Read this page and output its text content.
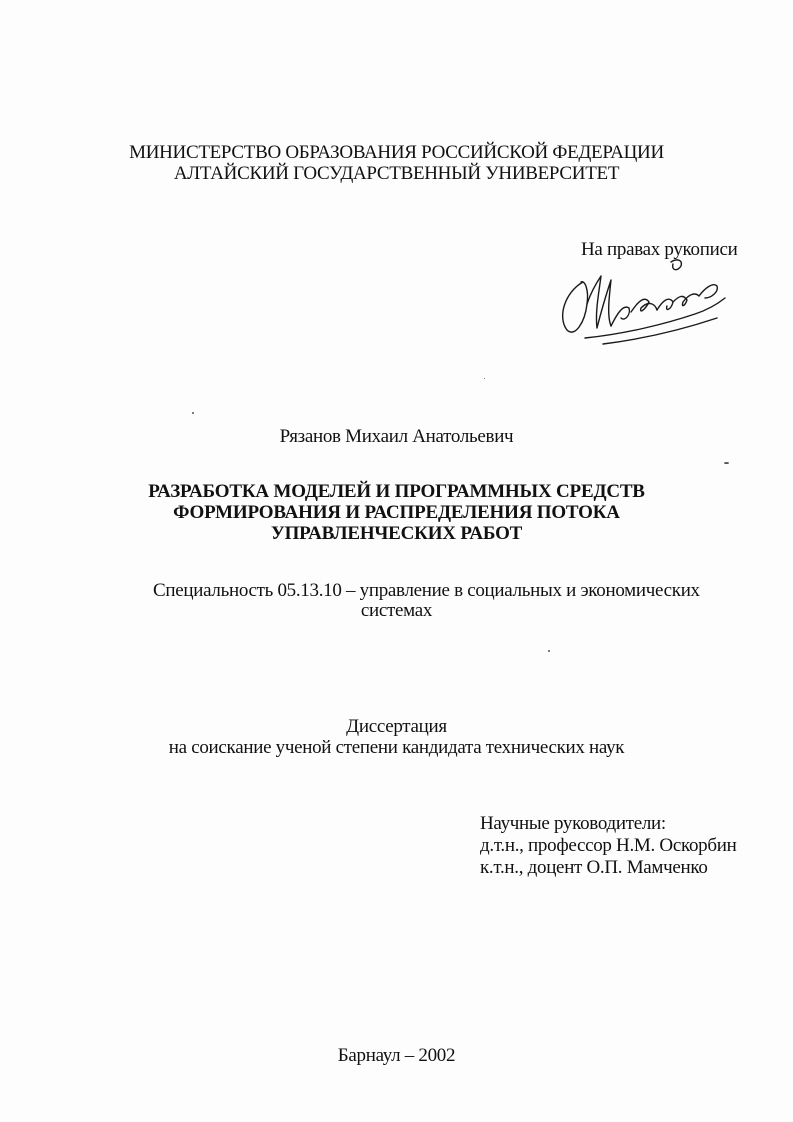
МИНИСТЕРСТВО ОБРАЗОВАНИЯ РОССИЙСКОЙ ФЕДЕРАЦИИ
АЛТАЙСКИЙ ГОСУДАРСТВЕННЫЙ УНИВЕРСИТЕТ
На правах рукописи
Рязанов Михаил Анатольевич
РАЗРАБОТКА МОДЕЛЕЙ И ПРОГРАММНЫХ СРЕДСТВ
ФОРМИРОВАНИЯ И РАСПРЕДЕЛЕНИЯ ПОТОКА
УПРАВЛЕНЧЕСКИХ РАБОТ
Специальность 05.13.10 – управление в социальных и экономических
системах
Диссертация
на соискание ученой степени кандидата технических наук
Научные руководители:
д.т.н., профессор Н.М. Оскорбин
к.т.н., доцент О.П. Мамченко
Барнаул – 2002
